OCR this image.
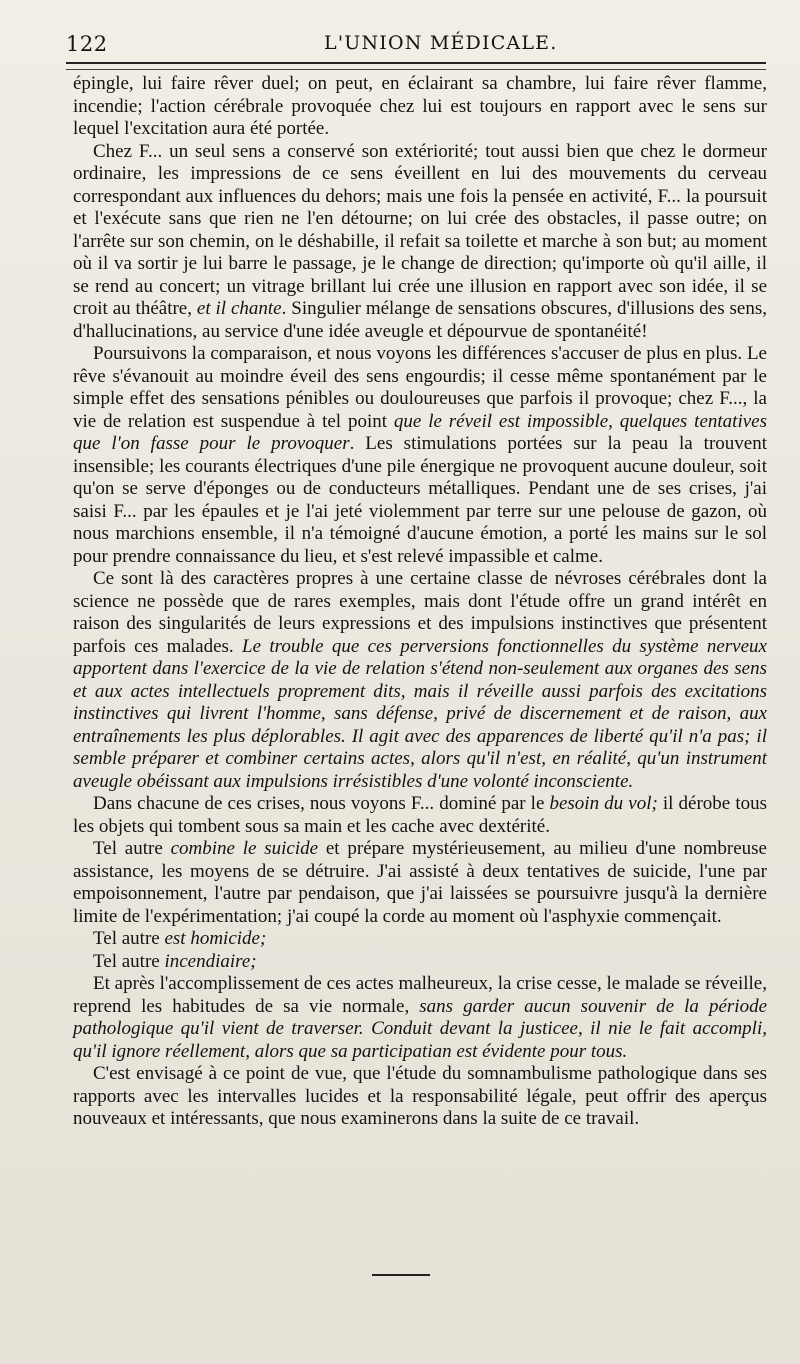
122	L'UNION MÉDICALE.

épingle, lui faire rêver duel; on peut, en éclairant sa chambre, lui faire rêver flamme, incendie; l'action cérébrale provoquée chez lui est toujours en rapport avec le sens sur lequel l'excitation aura été portée.

Chez F... un seul sens a conservé son extériorité; tout aussi bien que chez le dormeur ordinaire, les impressions de ce sens éveillent en lui des mouvements du cerveau correspondant aux influences du dehors; mais une fois la pensée en activité, F... la poursuit et l'exécute sans que rien ne l'en détourne; on lui crée des obstacles, il passe outre; on l'arrête sur son chemin, on le déshabille, il refait sa toilette et marche à son but; au moment où il va sortir je lui barre le passage, je le change de direction; qu'importe où qu'il aille, il se rend au concert; un vitrage brillant lui crée une illusion en rapport avec son idée, il se croit au théâtre, et il chante. Singulier mélange de sensations obscures, d'illusions des sens, d'hallucinations, au service d'une idée aveugle et dépourvue de spontanéité!

Poursuivons la comparaison, et nous voyons les différences s'accuser de plus en plus. Le rêve s'évanouit au moindre éveil des sens engourdis; il cesse même spontanément par le simple effet des sensations pénibles ou douloureuses que parfois il provoque; chez F..., la vie de relation est suspendue à tel point que le réveil est impossible, quelques tentatives que l'on fasse pour le provoquer. Les stimulations portées sur la peau la trouvent insensible; les courants électriques d'une pile énergique ne provoquent aucune douleur, soit qu'on se serve d'éponges ou de conducteurs métalliques. Pendant une de ses crises, j'ai saisi F... par les épaules et je l'ai jeté violemment par terre sur une pelouse de gazon, où nous marchions ensemble, il n'a témoigné d'aucune émotion, a porté les mains sur le sol pour prendre connaissance du lieu, et s'est relevé impassible et calme.

Ce sont là des caractères propres à une certaine classe de névroses cérébrales dont la science ne possède que de rares exemples, mais dont l'étude offre un grand intérêt en raison des singularités de leurs expressions et des impulsions instinctives que présentent parfois ces malades. Le trouble que ces perversions fonctionnelles du système nerveux apportent dans l'exercice de la vie de relation s'étend non-seulement aux organes des sens et aux actes intellectuels proprement dits, mais il réveille aussi parfois des excitations instinctives qui livrent l'homme, sans défense, privé de discernement et de raison, aux entraînements les plus déplorables. Il agit avec des apparences de liberté qu'il n'a pas; il semble préparer et combiner certains actes, alors qu'il n'est, en réalité, qu'un instrument aveugle obéissant aux impulsions irrésistibles d'une volonté inconsciente.

Dans chacune de ces crises, nous voyons F... dominé par le besoin du vol; il dérobe tous les objets qui tombent sous sa main et les cache avec dextérité.

Tel autre combine le suicide et prépare mystérieusement, au milieu d'une nombreuse assistance, les moyens de se détruire. J'ai assisté à deux tentatives de suicide, l'une par empoisonnement, l'autre par pendaison, que j'ai laissées se poursuivre jusqu'à la dernière limite de l'expérimentation; j'ai coupé la corde au moment où l'asphyxie commençait.

Tel autre est homicide;

Tel autre incendiaire;

Et après l'accomplissement de ces actes malheureux, la crise cesse, le malade se réveille, reprend les habitudes de sa vie normale, sans garder aucun souvenir de la période pathologique qu'il vient de traverser. Conduit devant la justicee, il nie le fait accompli, qu'il ignore réellement, alors que sa participatian est évidente pour tous.

C'est envisagé à ce point de vue, que l'étude du somnambulisme pathologique dans ses rapports avec les intervalles lucides et la responsabilité légale, peut offrir des aperçus nouveaux et intéressants, que nous examinerons dans la suite de ce travail.
